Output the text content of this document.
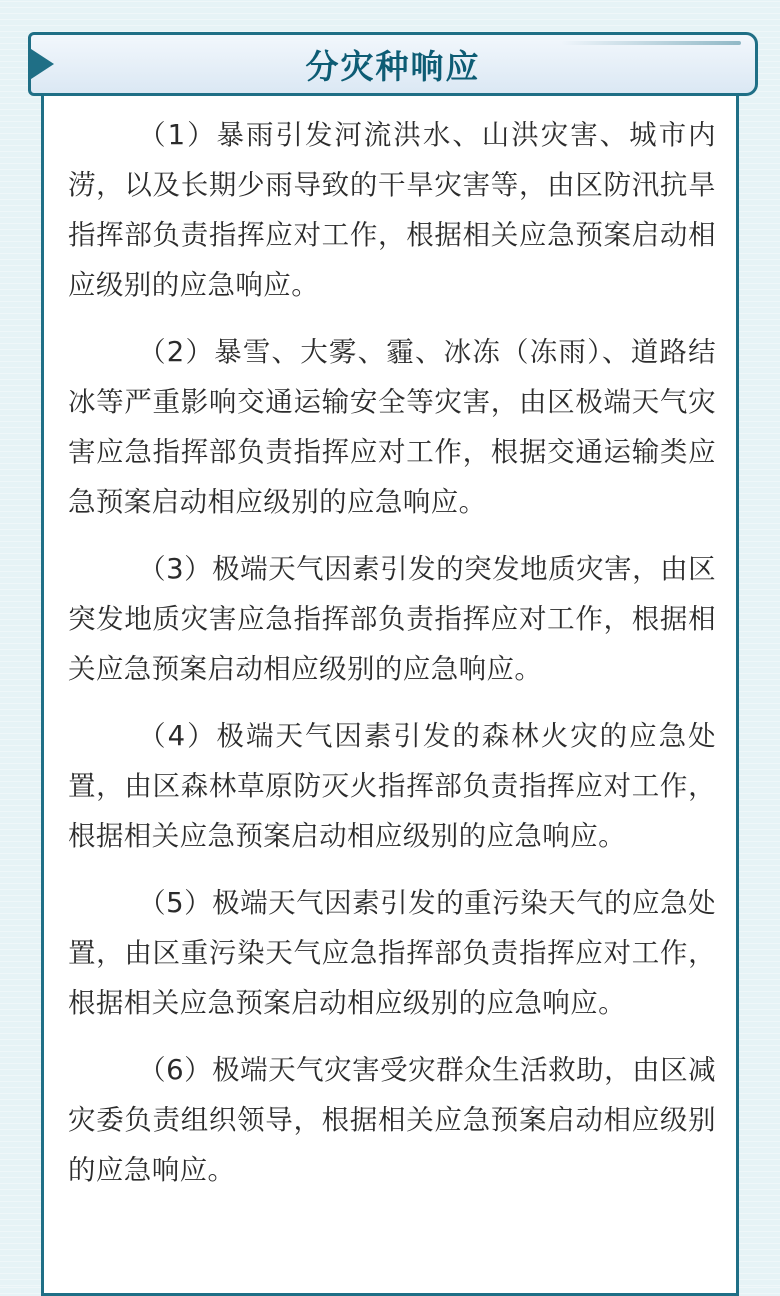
分灾种响应

（1）暴雨引发河流洪水、山洪灾害、城市内涝，以及长期少雨导致的干旱灾害等，由区防汛抗旱指挥部负责指挥应对工作，根据相关应急预案启动相应级别的应急响应。

（2）暴雪、大雾、霾、冰冻（冻雨）、道路结冰等严重影响交通运输安全等灾害，由区极端天气灾害应急指挥部负责指挥应对工作，根据交通运输类应急预案启动相应级别的应急响应。

（3）极端天气因素引发的突发地质灾害，由区突发地质灾害应急指挥部负责指挥应对工作，根据相关应急预案启动相应级别的应急响应。

（4）极端天气因素引发的森林火灾的应急处置，由区森林草原防灭火指挥部负责指挥应对工作，根据相关应急预案启动相应级别的应急响应。

（5）极端天气因素引发的重污染天气的应急处置，由区重污染天气应急指挥部负责指挥应对工作，根据相关应急预案启动相应级别的应急响应。

（6）极端天气灾害受灾群众生活救助，由区减灾委负责组织领导，根据相关应急预案启动相应级别的应急响应。
